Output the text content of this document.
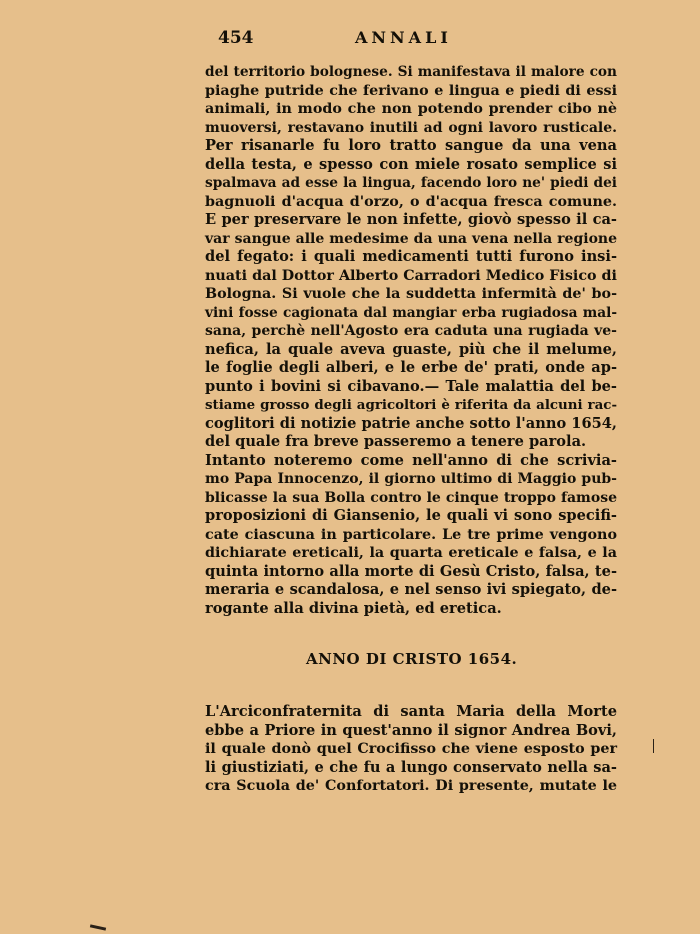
454	ANNALI
del territorio bolognese. Si manifestava il malore con
piaghe putride che ferivano e lingua e piedi di essi
animali, in modo che non potendo prender cibo nè
muoversi, restavano inutili ad ogni lavoro rusticale.
Per risanarle fu loro tratto sangue da una vena
della testa, e spesso con miele rosato semplice si
spalmava ad esse la lingua, facendo loro ne' piedi dei
bagnuoli d'acqua d'orzo, o d'acqua fresca comune.
E per preservare le non infette, giovò spesso il ca-
var sangue alle medesime da una vena nella regione
del fegato: i quali medicamenti tutti furono insi-
nuati dal Dottor Alberto Carradori Medico Fisico di
Bologna. Si vuole che la suddetta infermità de' bo-
vini fosse cagionata dal mangiar erba rugiadosa mal-
sana, perchè nell'Agosto era caduta una rugiada ve-
nefica, la quale aveva guaste, più che il melume,
le foglie degli alberi, e le erbe de' prati, onde ap-
punto i bovini si cibavano.— Tale malattia del be-
stiame grosso degli agricoltori è riferita da alcuni rac-
coglitori di notizie patrie anche sotto l'anno 1654,
del quale fra breve passeremo a tenere parola.
Intanto noteremo come nell'anno di che scrivia-
mo Papa Innocenzo, il giorno ultimo di Maggio pub-
blicasse la sua Bolla contro le cinque troppo famose
proposizioni di Giansenio, le quali vi sono specifi-
cate ciascuna in particolare. Le tre prime vengono
dichiarate ereticali, la quarta ereticale e falsa, e la
quinta intorno alla morte di Gesù Cristo, falsa, te-
meraria e scandalosa, e nel senso ivi spiegato, de-
rogante alla divina pietà, ed eretica.
ANNO DI CRISTO 1654.
L'Arciconfraternita di santa Maria della Morte
ebbe a Priore in quest'anno il signor Andrea Bovi,
il quale donò quel Crocifisso che viene esposto per
li giustiziati, e che fu a lungo conservato nella sa-
cra Scuola de' Confortatori. Di presente, mutate le
